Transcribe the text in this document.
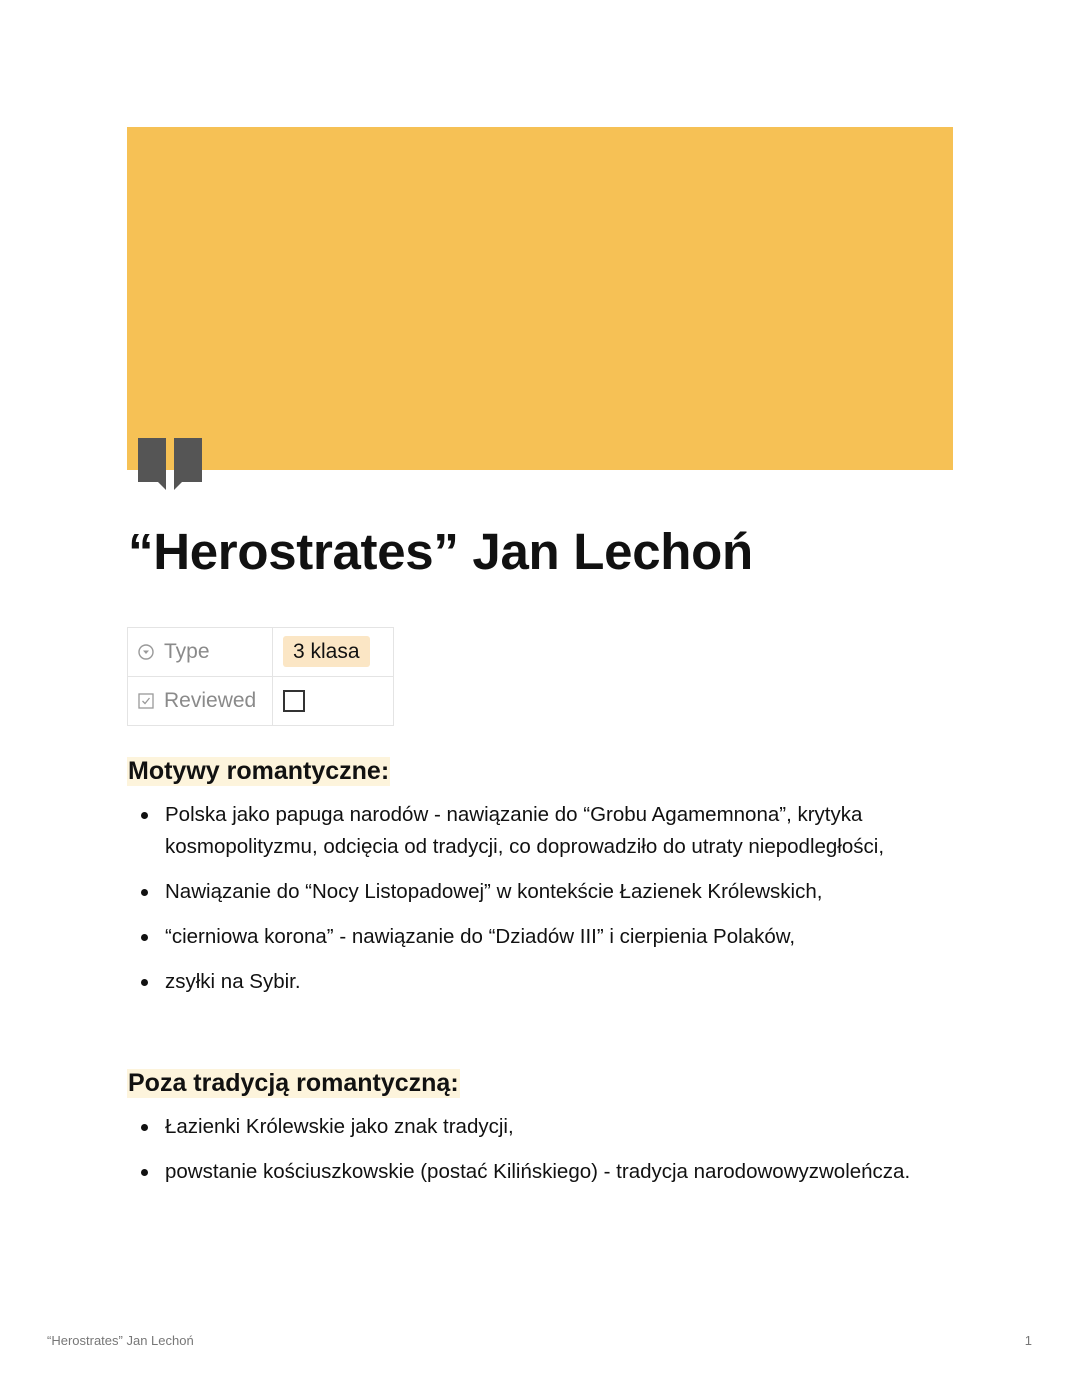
“Herostrates” Jan Lechoń
Type	3 klasa
Reviewed	
Motywy romantyczne:
Polska jako papuga narodów - nawiązanie do “Grobu Agamemnona”, krytyka kosmopolityzmu, odcięcia od tradycji, co doprowadziło do utraty niepodległości,
Nawiązanie do “Nocy Listopadowej” w kontekście Łazienek Królewskich,
“cierniowa korona” - nawiązanie do “Dziadów III” i cierpienia Polaków,
zsyłki na Sybir.
Poza tradycją romantyczną:
Łazienki Królewskie jako znak tradycji,
powstanie kościuszkowskie (postać Kilińskiego) - tradycja narodowowyzwoleńcza.
“Herostrates” Jan Lechoń	1
